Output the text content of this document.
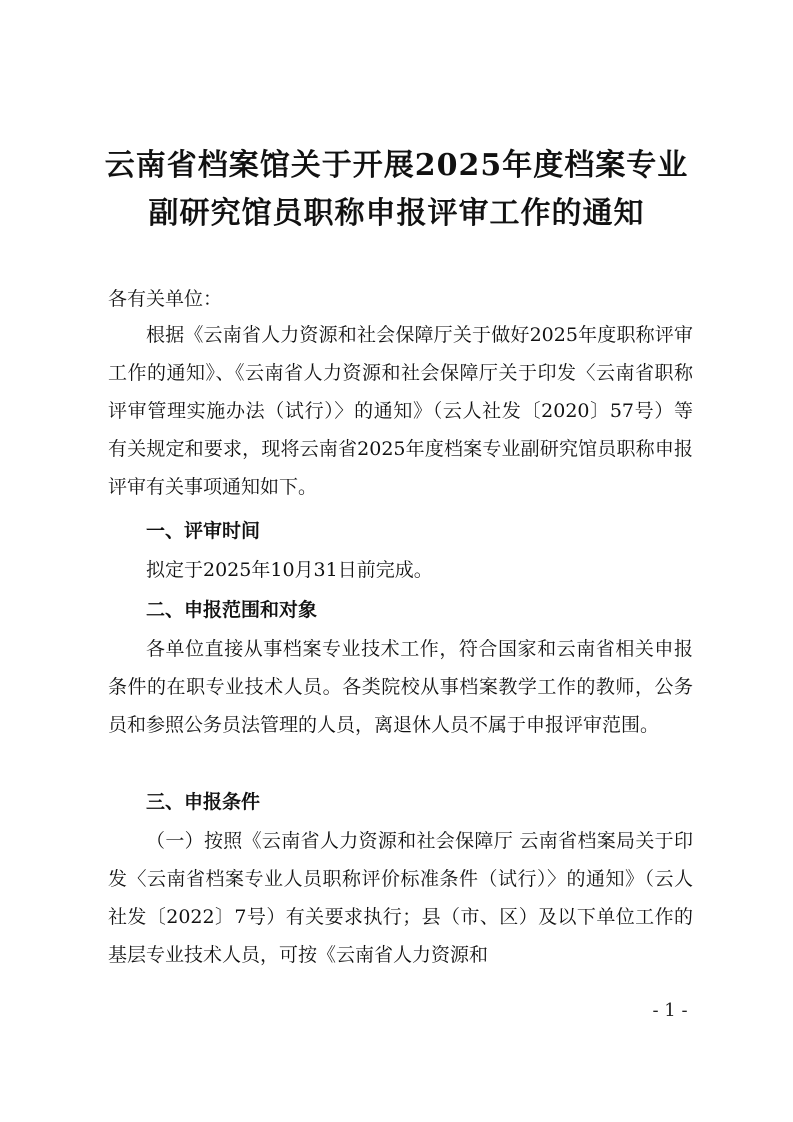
云南省档案馆关于开展2025年度档案专业
副研究馆员职称申报评审工作的通知
各有关单位：
根据《云南省人力资源和社会保障厅关于做好2025年度职称评审工作的通知》、《云南省人力资源和社会保障厅关于印发〈云南省职称评审管理实施办法（试行）〉的通知》（云人社发〔2020〕57号）等有关规定和要求，现将云南省2025年度档案专业副研究馆员职称申报评审有关事项通知如下。
一、评审时间
拟定于2025年10月31日前完成。
二、申报范围和对象
各单位直接从事档案专业技术工作，符合国家和云南省相关申报条件的在职专业技术人员。各类院校从事档案教学工作的教师，公务员和参照公务员法管理的人员，离退休人员不属于申报评审范围。
三、申报条件
（一）按照《云南省人力资源和社会保障厅 云南省档案局关于印发〈云南省档案专业人员职称评价标准条件（试行）〉的通知》（云人社发〔2022〕7号）有关要求执行；县（市、区）及以下单位工作的基层专业技术人员，可按《云南省人力资源和
- 1 -
